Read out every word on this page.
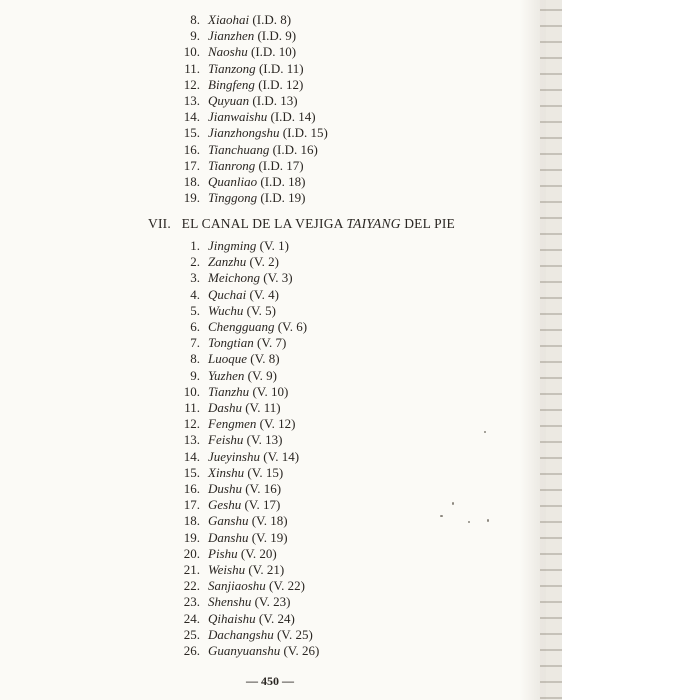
8. Xiaohai (I.D. 8)
9. Jianzhen (I.D. 9)
10. Naoshu (I.D. 10)
11. Tianzong (I.D. 11)
12. Bingfeng (I.D. 12)
13. Quyuan (I.D. 13)
14. Jianwaishu (I.D. 14)
15. Jianzhongshu (I.D. 15)
16. Tianchuang (I.D. 16)
17. Tianrong (I.D. 17)
18. Quanliao (I.D. 18)
19. Tinggong (I.D. 19)
VII. EL CANAL DE LA VEJIGA TAIYANG DEL PIE
1. Jingming (V. 1)
2. Zanzhu (V. 2)
3. Meichong (V. 3)
4. Quchai (V. 4)
5. Wuchu (V. 5)
6. Chengguang (V. 6)
7. Tongtian (V. 7)
8. Luoque (V. 8)
9. Yuzhen (V. 9)
10. Tianzhu (V. 10)
11. Dashu (V. 11)
12. Fengmen (V. 12)
13. Feishu (V. 13)
14. Jueyinshu (V. 14)
15. Xinshu (V. 15)
16. Dushu (V. 16)
17. Geshu (V. 17)
18. Ganshu (V. 18)
19. Danshu (V. 19)
20. Pishu (V. 20)
21. Weishu (V. 21)
22. Sanjiaoshu (V. 22)
23. Shenshu (V. 23)
24. Qihaishu (V. 24)
25. Dachangshu (V. 25)
26. Guanyuanshu (V. 26)
— 450 —
